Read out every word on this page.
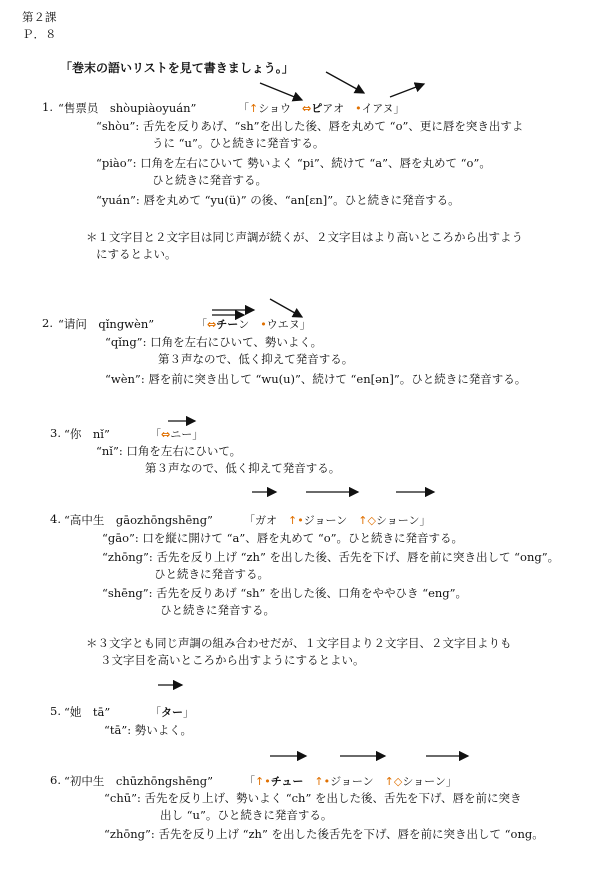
第２課
Ｐ．８
「巻末の語いリストを見て書きましょう。」
1. “售票员　shòupiàoyuán”	「↑ショウ　⇔ピアオ　•イアヌ」
“shòu”: 舌先を反りあげ、“sh”を出した後、唇を丸めて “o”、更に唇を突き出すよ
うに “u”。ひと続きに発音する。
“piào”: 口角を左右にひいて 勢いよく “pi”、続けて “a”、唇を丸めて “o”。
ひと続きに発音する。
“yuán”: 唇を丸めて “yu(ü)” の後、“an[ɛn]”。ひと続きに発音する。
＊１文字目と２文字目は同じ声調が続くが、２文字目はより高いところから出すよう
にするとよい。
2. “请问　qǐngwèn”	「⇔チーン　•ウエヌ」
“qǐng”: 口角を左右にひいて、勢いよく。
第３声なので、低く抑えて発音する。
“wèn”: 唇を前に突き出して “wu(u)”、続けて “en[ən]”。ひと続きに発音する。
3. “你　nǐ”	「⇔ニー」
“nǐ”: 口角を左右にひいて。
第３声なので、低く抑えて発音する。
4. “高中生　gāozhōngshēng”	「ガオ　↑•ジョーン　↑◇ショーン」
“gāo”: 口を縦に開けて “a”、唇を丸めて “o”。ひと続きに発音する。
“zhōng”: 舌先を反り上げ “zh” を出した後、舌先を下げ、唇を前に突き出して “ong”。
ひと続きに発音する。
“shēng”: 舌先を反りあげ “sh” を出した後、口角をややひき “eng”。
ひと続きに発音する。
＊３文字とも同じ声調の組み合わせだが、１文字目より２文字目、２文字目よりも
３文字目を高いところから出すようにするとよい。
5. “她　tā”	「ター」
“tā”: 勢いよく。
6. “初中生　chūzhōngshēng”	「↑•チュー　↑•ジョーン　↑◇ショーン」
“chū”: 舌先を反り上げ、勢いよく “ch” を出した後、舌先を下げ、唇を前に突き
出し “u”。ひと続きに発音する。
“zhōng”: 舌先を反り上げ “zh” を出した後舌先を下げ、唇を前に突き出して “ong。
